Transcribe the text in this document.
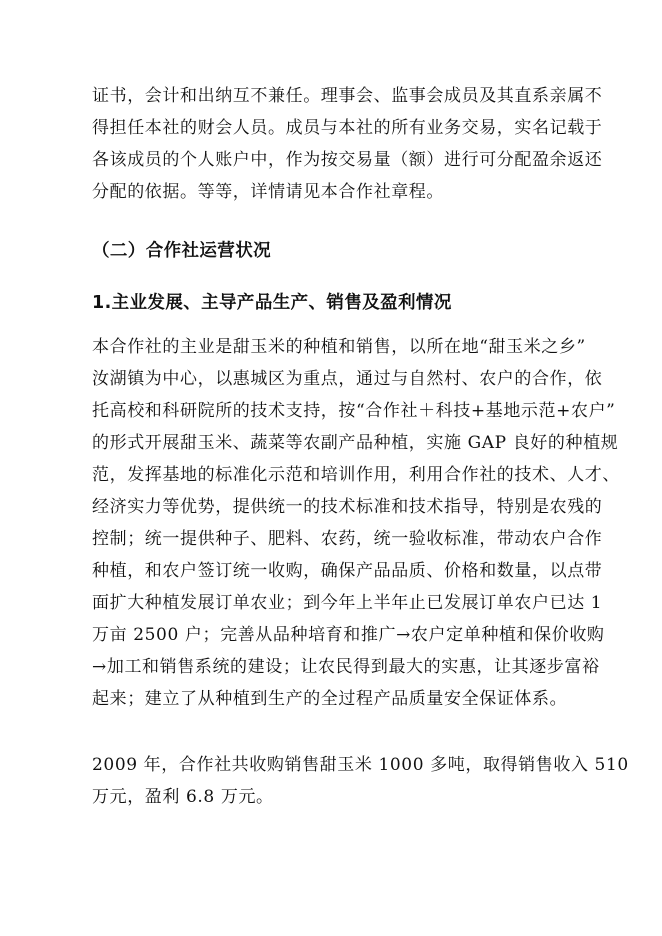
证书，会计和出纳互不兼任。理事会、监事会成员及其直系亲属不
得担任本社的财会人员。成员与本社的所有业务交易，实名记载于
各该成员的个人账户中，作为按交易量（额）进行可分配盈余返还
分配的依据。等等，详情请见本合作社章程。
（二）合作社运营状况
1.主业发展、主导产品生产、销售及盈利情况
本合作社的主业是甜玉米的种植和销售，以所在地“甜玉米之乡”
汝湖镇为中心，以惠城区为重点，通过与自然村、农户的合作，依
托高校和科研院所的技术支持，按“合作社＋科技+基地示范+农户”
的形式开展甜玉米、蔬菜等农副产品种植，实施 GAP 良好的种植规
范，发挥基地的标准化示范和培训作用，利用合作社的技术、人才、
经济实力等优势，提供统一的技术标准和技术指导，特别是农残的
控制；统一提供种子、肥料、农药，统一验收标准，带动农户合作
种植，和农户签订统一收购，确保产品品质、价格和数量，以点带
面扩大种植发展订单农业；到今年上半年止已发展订单农户已达 1
万亩 2500 户；完善从品种培育和推广→农户定单种植和保价收购
→加工和销售系统的建设；让农民得到最大的实惠，让其逐步富裕
起来；建立了从种植到生产的全过程产品质量安全保证体系。
2009 年，合作社共收购销售甜玉米 1000 多吨，取得销售收入 510
万元，盈利 6.8 万元。
